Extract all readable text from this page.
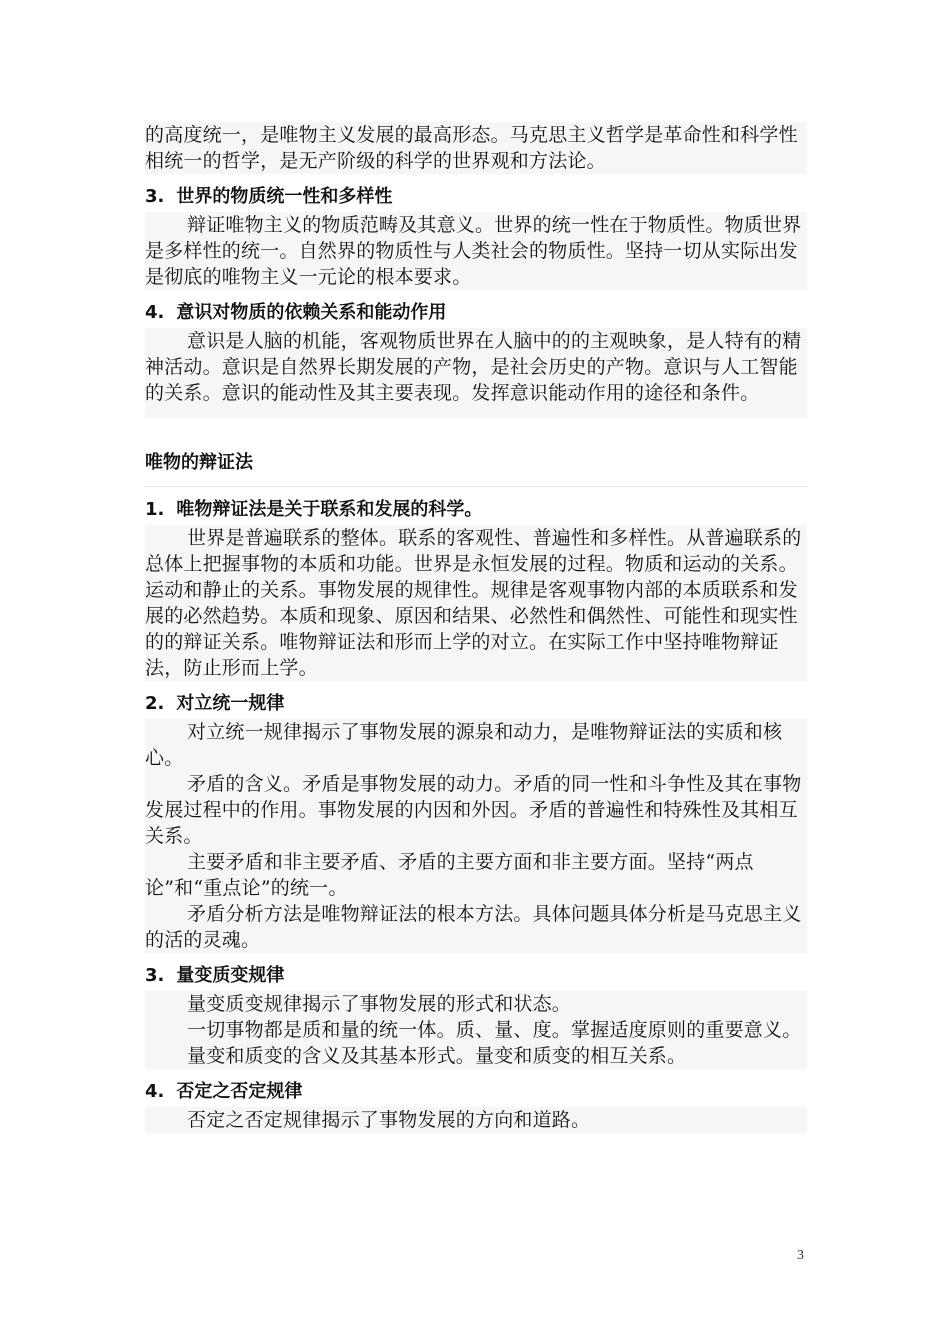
的高度统一，是唯物主义发展的最高形态。马克思主义哲学是革命性和科学性相统一的哲学，是无产阶级的科学的世界观和方法论。

3. 世界的物质统一性和多样性

辩证唯物主义的物质范畴及其意义。世界的统一性在于物质性。物质世界是多样性的统一。自然界的物质性与人类社会的物质性。坚持一切从实际出发是彻底的唯物主义一元论的根本要求。

4. 意识对物质的依赖关系和能动作用

意识是人脑的机能，客观物质世界在人脑中的的主观映象，是人特有的精神活动。意识是自然界长期发展的产物，是社会历史的产物。意识与人工智能的关系。意识的能动性及其主要表现。发挥意识能动作用的途径和条件。

唯物的辩证法
1. 唯物辩证法是关于联系和发展的科学。

世界是普遍联系的整体。联系的客观性、普遍性和多样性。从普遍联系的总体上把握事物的本质和功能。世界是永恒发展的过程。物质和运动的关系。运动和静止的关系。事物发展的规律性。规律是客观事物内部的本质联系和发展的必然趋势。本质和现象、原因和结果、必然性和偶然性、可能性和现实性的的辩证关系。唯物辩证法和形而上学的对立。在实际工作中坚持唯物辩证法，防止形而上学。

2. 对立统一规律

对立统一规律揭示了事物发展的源泉和动力，是唯物辩证法的实质和核心。

矛盾的含义。矛盾是事物发展的动力。矛盾的同一性和斗争性及其在事物发展过程中的作用。事物发展的内因和外因。矛盾的普遍性和特殊性及其相互关系。

主要矛盾和非主要矛盾、矛盾的主要方面和非主要方面。坚持“两点论”和“重点论”的统一。

矛盾分析方法是唯物辩证法的根本方法。具体问题具体分析是马克思主义的活的灵魂。

3. 量变质变规律

量变质变规律揭示了事物发展的形式和状态。

一切事物都是质和量的统一体。质、量、度。掌握适度原则的重要意义。

量变和质变的含义及其基本形式。量变和质变的相互关系。

4. 否定之否定规律

否定之否定规律揭示了事物发展的方向和道路。

3
